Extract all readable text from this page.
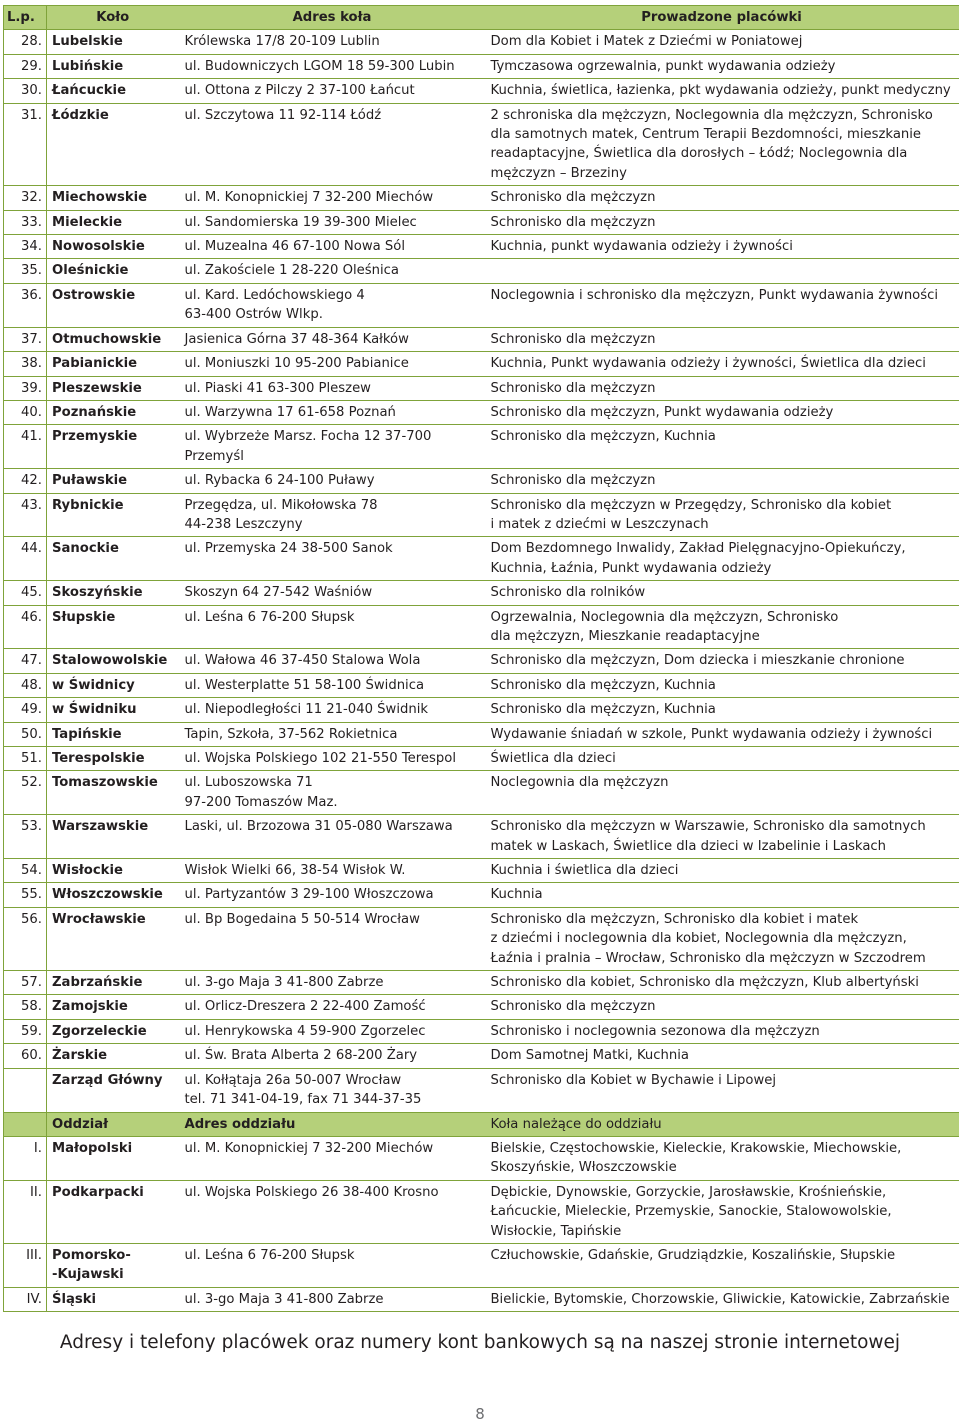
L.p.	Koło	Adres koła	Prowadzone placówki
28.	Lubelskie	Królewska 17/8 20-109 Lublin	Dom dla Kobiet i Matek z Dziećmi w Poniatowej
29.	Lubińskie	ul. Budowniczych LGOM 18 59-300 Lubin	Tymczasowa ogrzewalnia, punkt wydawania odzieży
30.	Łańcuckie	ul. Ottona z Pilczy 2 37-100 Łańcut	Kuchnia, świetlica, łazienka, pkt wydawania odzieży, punkt medyczny
31.	Łódzkie	ul. Szczytowa 11 92-114 Łódź	2 schroniska dla mężczyzn, Noclegownia dla mężczyzn, Schronisko dla samotnych matek, Centrum Terapii Bezdomności, mieszkanie readaptacyjne, Świetlica dla dorosłych – Łódź; Noclegownia dla mężczyzn – Brzeziny
32.	Miechowskie	ul. M. Konopnickiej 7 32-200 Miechów	Schronisko dla mężczyzn
33.	Mieleckie	ul. Sandomierska 19 39-300 Mielec	Schronisko dla mężczyzn
34.	Nowosolskie	ul. Muzealna 46 67-100 Nowa Sól	Kuchnia, punkt wydawania odzieży i żywności
35.	Oleśnickie	ul. Zakościele 1 28-220 Oleśnica	
36.	Ostrowskie	ul. Kard. Ledóchowskiego 4
63-400 Ostrów Wlkp.	Noclegownia i schronisko dla mężczyzn, Punkt wydawania żywności
37.	Otmuchowskie	Jasienica Górna 37 48-364 Kałków	Schronisko dla mężczyzn
38.	Pabianickie	ul. Moniuszki 10 95-200 Pabianice	Kuchnia, Punkt wydawania odzieży i żywności, Świetlica dla dzieci
39.	Pleszewskie	ul. Piaski 41 63-300 Pleszew	Schronisko dla mężczyzn
40.	Poznańskie	ul. Warzywna 17 61-658 Poznań	Schronisko dla mężczyzn, Punkt wydawania odzieży
41.	Przemyskie	ul. Wybrzeże Marsz. Focha 12 37-700
Przemyśl	Schronisko dla mężczyzn, Kuchnia
42.	Puławskie	ul. Rybacka 6 24-100 Puławy	Schronisko dla mężczyzn
43.	Rybnickie	Przegędza, ul. Mikołowska 78
44-238 Leszczyny	Schronisko dla mężczyzn w Przegędzy, Schronisko dla kobiet
i matek z dziećmi w Leszczynach
44.	Sanockie	ul. Przemyska 24 38-500 Sanok	Dom Bezdomnego Inwalidy, Zakład Pielęgnacyjno-Opiekuńczy,
Kuchnia, Łaźnia, Punkt wydawania odzieży
45.	Skoszyńskie	Skoszyn 64 27-542 Waśniów	Schronisko dla rolników
46.	Słupskie	ul. Leśna 6 76-200 Słupsk	Ogrzewalnia, Noclegownia dla mężczyzn, Schronisko
dla mężczyzn, Mieszkanie readaptacyjne
47.	Stalowowolskie	ul. Wałowa 46 37-450 Stalowa Wola	Schronisko dla mężczyzn, Dom dziecka i mieszkanie chronione
48.	w Świdnicy	ul. Westerplatte 51 58-100 Świdnica	Schronisko dla mężczyzn, Kuchnia
49.	w Świdniku	ul. Niepodległości 11 21-040 Świdnik	Schronisko dla mężczyzn, Kuchnia
50.	Tapińskie	Tapin, Szkoła, 37-562 Rokietnica	Wydawanie śniadań w szkole, Punkt wydawania odzieży i żywności
51.	Terespolskie	ul. Wojska Polskiego 102 21-550 Terespol	Świetlica dla dzieci
52.	Tomaszowskie	ul. Luboszowska 71
97-200 Tomaszów Maz.	Noclegownia dla mężczyzn
53.	Warszawskie	Laski, ul. Brzozowa 31 05-080 Warszawa	Schronisko dla mężczyzn w Warszawie, Schronisko dla samotnych
matek w Laskach, Świetlice dla dzieci w Izabelinie i Laskach
54.	Wisłockie	Wisłok Wielki 66, 38-54 Wisłok W.	Kuchnia i świetlica dla dzieci
55.	Włoszczowskie	ul. Partyzantów 3 29-100 Włoszczowa	Kuchnia
56.	Wrocławskie	ul. Bp Bogedaina 5 50-514 Wrocław	Schronisko dla mężczyzn, Schronisko dla kobiet i matek
z dziećmi i noclegownia dla kobiet, Noclegownia dla mężczyzn,
Łaźnia i pralnia – Wrocław, Schronisko dla mężczyzn w Szczodrem
57.	Zabrzańskie	ul. 3-go Maja 3 41-800 Zabrze	Schronisko dla kobiet, Schronisko dla mężczyzn, Klub albertyński
58.	Zamojskie	ul. Orlicz-Dreszera 2 22-400 Zamość	Schronisko dla mężczyzn
59.	Zgorzeleckie	ul. Henrykowska 4 59-900 Zgorzelec	Schronisko i noclegownia sezonowa dla mężczyzn
60.	Żarskie	ul. Św. Brata Alberta 2 68-200 Żary	Dom Samotnej Matki, Kuchnia
	Zarząd Główny	ul. Kołłątaja 26a 50-007 Wrocław
tel. 71 341-04-19, fax 71 344-37-35	Schronisko dla Kobiet w Bychawie i Lipowej
	Oddział	Adres oddziału	Koła należące do oddziału
I.	Małopolski	ul. M. Konopnickiej 7 32-200 Miechów	Bielskie, Częstochowskie, Kieleckie, Krakowskie, Miechowskie,
Skoszyńskie, Włoszczowskie
II.	Podkarpacki	ul. Wojska Polskiego 26 38-400 Krosno	Dębickie, Dynowskie, Gorzyckie, Jarosławskie, Krośnieńskie,
Łańcuckie, Mieleckie, Przemyskie, Sanockie, Stalowowolskie,
Wisłockie, Tapińskie
III.	Pomorsko-
-Kujawski	ul. Leśna 6 76-200 Słupsk	Człuchowskie, Gdańskie, Grudziądzkie, Koszalińskie, Słupskie
IV.	Śląski	ul. 3-go Maja 3 41-800 Zabrze	Bielickie, Bytomskie, Chorzowskie, Gliwickie, Katowickie, Zabrzańskie
Adresy i telefony placówek oraz numery kont bankowych są na naszej stronie internetowej
8
